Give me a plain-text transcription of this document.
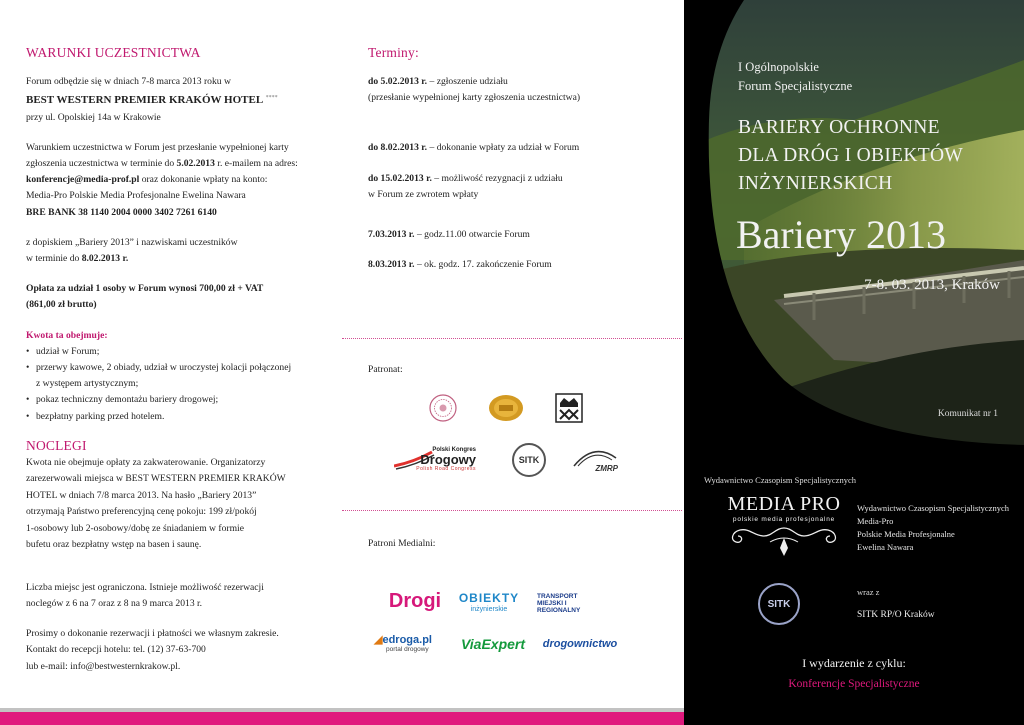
WARUNKI UCZESTNICTWA

Forum odbędzie się w dniach 7-8 marca 2013 roku w

BEST WESTERN PREMIER KRAKÓW HOTEL ****

przy ul. Opolskiej 14a w Krakowie

Warunkiem uczestnictwa w Forum jest przesłanie wypełnionej karty

zgłoszenia uczestnictwa w terminie do 5.02.2013 r. e-mailem na adres:

konferencje@media-prof.pl oraz dokonanie wpłaty na konto:

Media-Pro Polskie Media Profesjonalne Ewelina Nawara

BRE BANK 38 1140 2004 0000 3402 7261 6140

z dopiskiem „Bariery 2013” i nazwiskami uczestników

w terminie do 8.02.2013 r.

Opłata za udział 1 osoby w Forum wynosi 700,00 zł + VAT

(861,00 zł brutto)

Kwota ta obejmuje:

• udział w Forum;
• przerwy kawowe, 2 obiady, udział w uroczystej kolacji połączonej
z występem artystycznym;
• pokaz techniczny demontażu bariery drogowej;
• bezpłatny parking przed hotelem.
NOCLEGI

Kwota nie obejmuje opłaty za zakwaterowanie. Organizatorzy

zarezerwowali miejsca w BEST WESTERN PREMIER KRAKÓW

HOTEL w dniach 7/8 marca 2013. Na hasło „Bariery 2013”

otrzymają Państwo preferencyjną cenę pokoju: 199 zł/pokój

1-osobowy lub 2-osobowy/dobę ze śniadaniem w formie

bufetu oraz bezpłatny wstęp na basen i saunę.

Liczba miejsc jest ograniczona. Istnieje możliwość rezerwacji

noclegów z 6 na 7 oraz z 8 na 9 marca 2013 r.

Prosimy o dokonanie rezerwacji i płatności we własnym zakresie.

Kontakt do recepcji hotelu: tel. (12) 37-63-700

lub e-mail: info@bestwesternkrakow.pl.

Terminy:

do 5.02.2013 r. – zgłoszenie udziału

(przesłanie wypełnionej karty zgłoszenia uczestnictwa)

do 8.02.2013 r. – dokonanie wpłaty za udział w Forum

do 15.02.2013 r. – możliwość rezygnacji z udziału

w Forum ze zwrotem wpłaty

7.03.2013 r. – godz.11.00 otwarcie Forum

8.03.2013 r. – ok. godz. 17. zakończenie Forum

Patronat:
Polski Kongres
Drogowy
Polish Road Congress
SITK
ZMRP
Patroni Medialni:
Drogi OBIEKTY
inżynierskie
TRANSPORT MIEJSKI I REGIONALNY
◢edroga.pl
portal drogowy ViaExpert drogownictwo
I Ogólnopolskie
Forum Specjalistyczne
BARIERY OCHRONNE
DLA DRÓG I OBIEKTÓW
INŻYNIERSKICH
Bariery 2013
7-8. 03. 2013, Kraków
Komunikat nr 1
Wydawnictwo Czasopism Specjalistycznych
MEDIA PRO
polskie media profesjonalne
Wydawnictwo Czasopism Specjalistycznych
Media-Pro
Polskie Media Profesjonalne
Ewelina Nawara
wraz z
SITK
SITK RP/O Kraków
I wydarzenie z cyklu:
Konferencje Specjalistyczne
